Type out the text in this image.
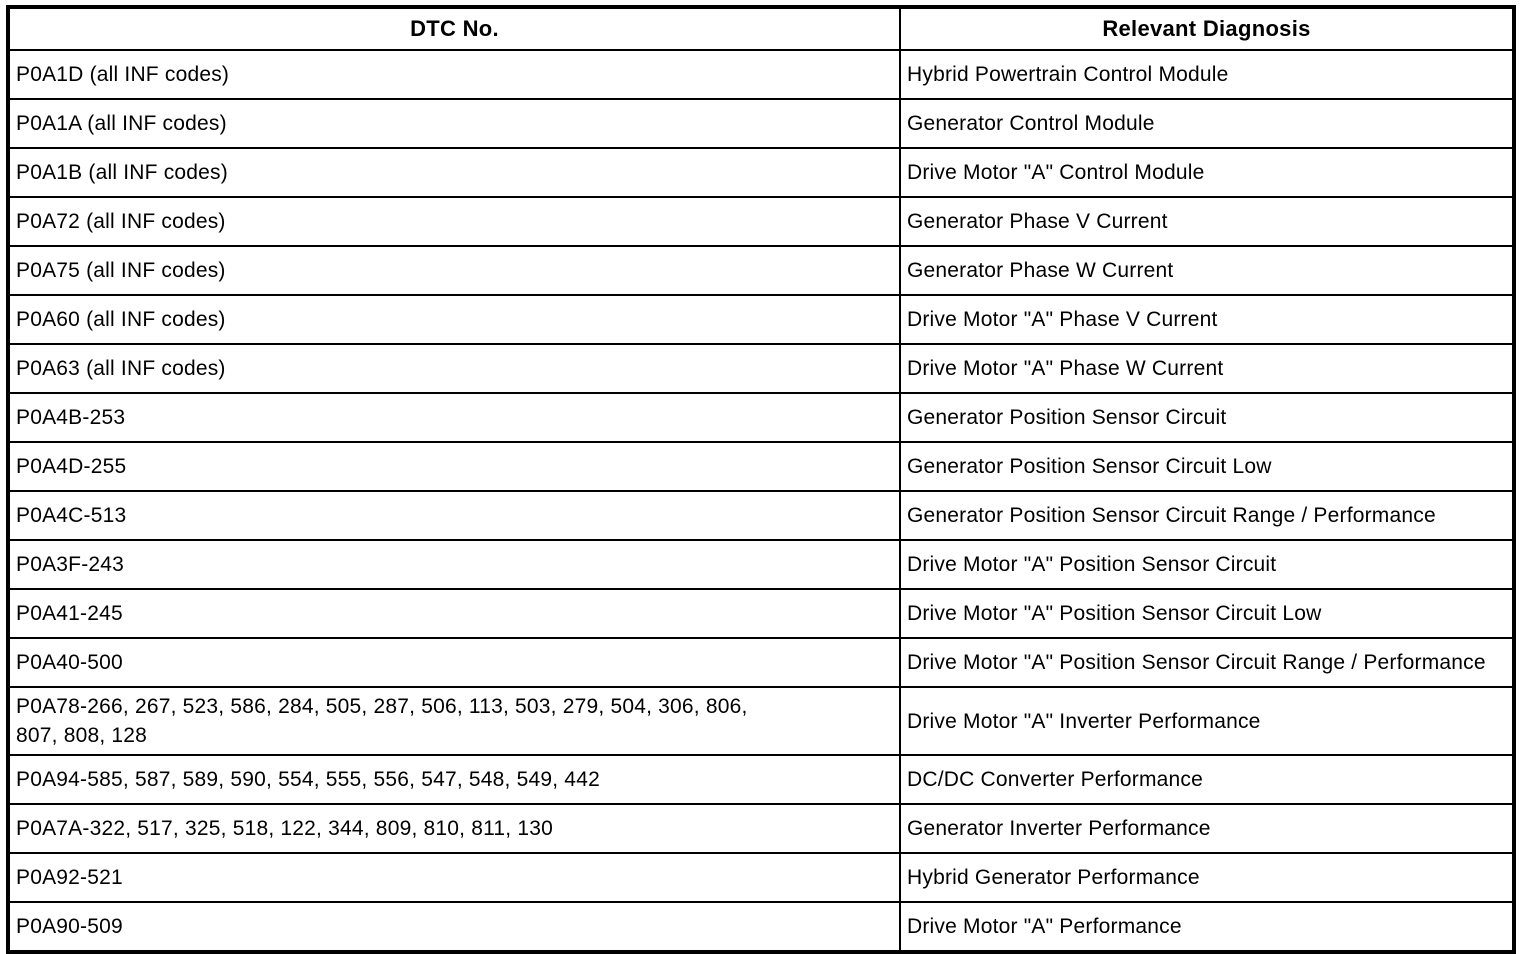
DTC No.	Relevant Diagnosis
P0A1D (all INF codes)	Hybrid Powertrain Control Module
P0A1A (all INF codes)	Generator Control Module
P0A1B (all INF codes)	Drive Motor "A" Control Module
P0A72 (all INF codes)	Generator Phase V Current
P0A75 (all INF codes)	Generator Phase W Current
P0A60 (all INF codes)	Drive Motor "A" Phase V Current
P0A63 (all INF codes)	Drive Motor "A" Phase W Current
P0A4B-253	Generator Position Sensor Circuit
P0A4D-255	Generator Position Sensor Circuit Low
P0A4C-513	Generator Position Sensor Circuit Range / Performance
P0A3F-243	Drive Motor "A" Position Sensor Circuit
P0A41-245	Drive Motor "A" Position Sensor Circuit Low
P0A40-500	Drive Motor "A" Position Sensor Circuit Range / Performance
P0A78-266, 267, 523, 586, 284, 505, 287, 506, 113, 503, 279, 504, 306, 806, 807, 808, 128	Drive Motor "A" Inverter Performance
P0A94-585, 587, 589, 590, 554, 555, 556, 547, 548, 549, 442	DC/DC Converter Performance
P0A7A-322, 517, 325, 518, 122, 344, 809, 810, 811, 130	Generator Inverter Performance
P0A92-521	Hybrid Generator Performance
P0A90-509	Drive Motor "A" Performance
